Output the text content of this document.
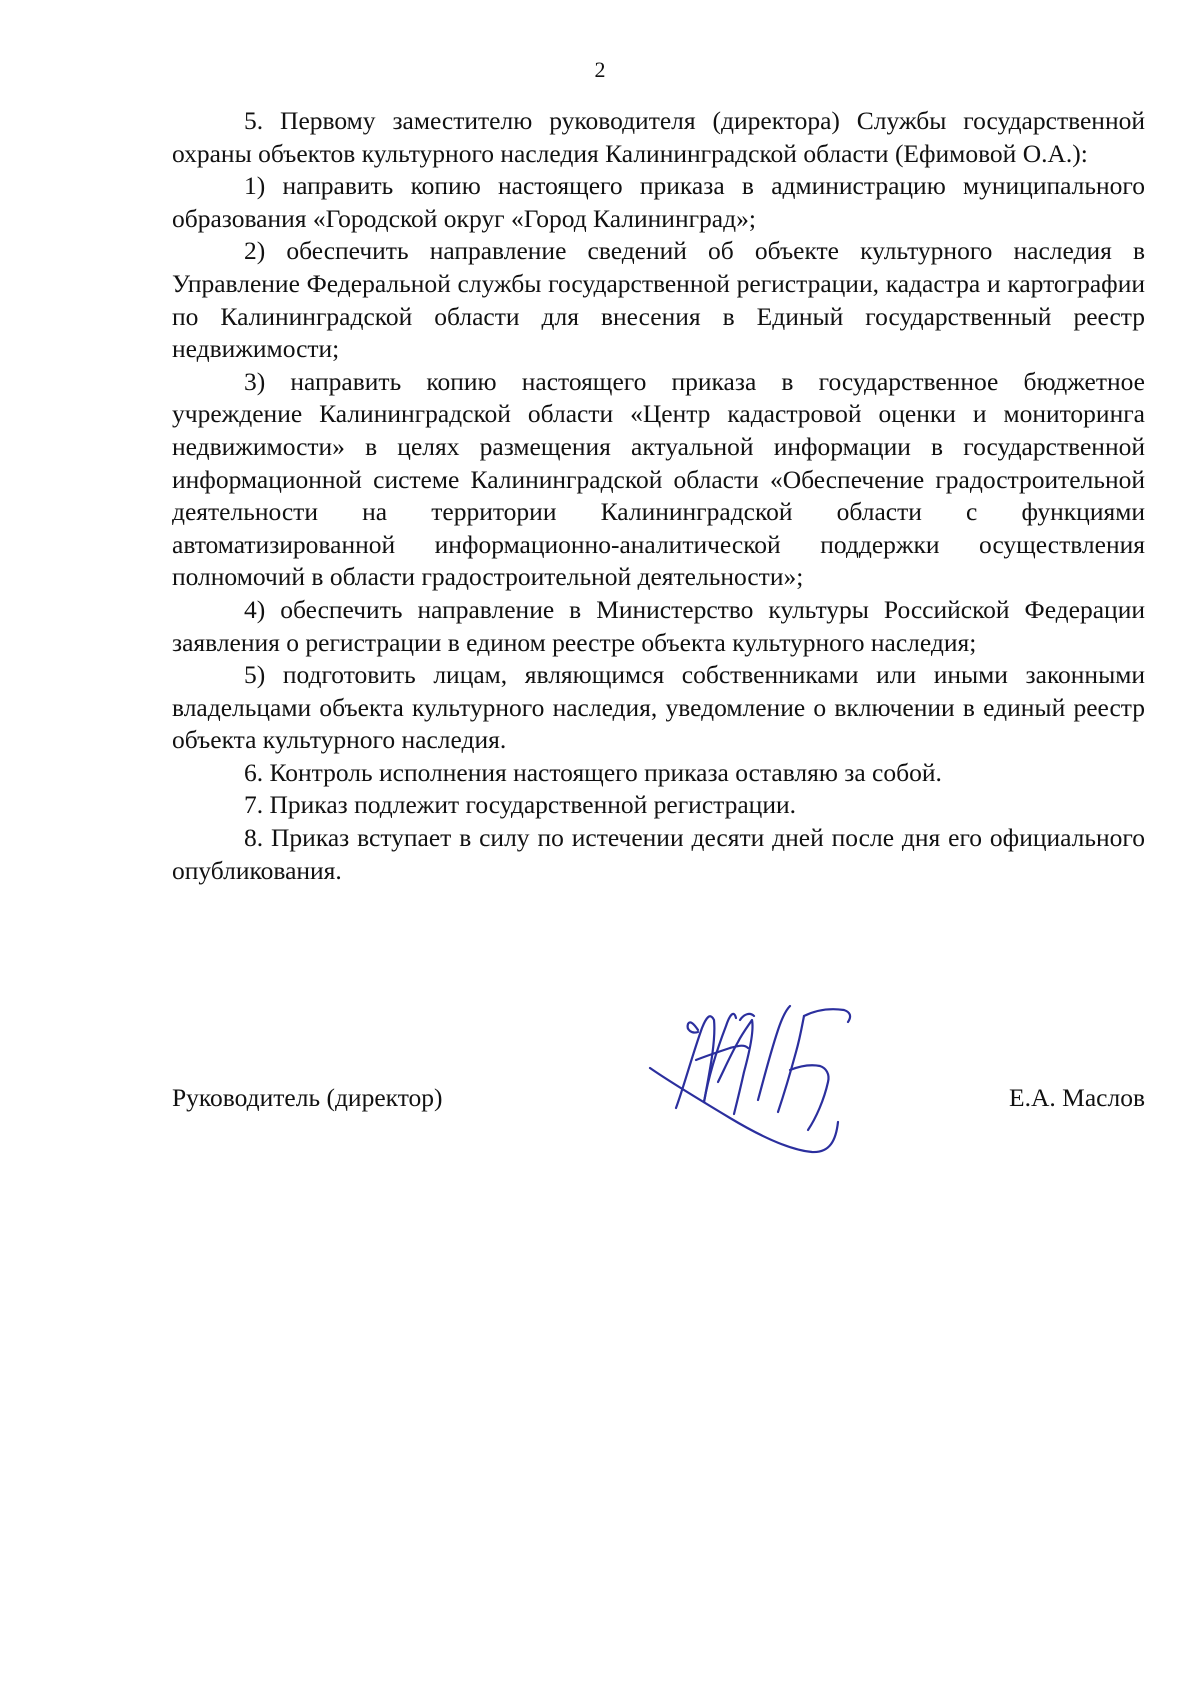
2

5. Первому заместителю руководителя (директора) Службы государственной охраны объектов культурного наследия Калининградской области (Ефимовой О.А.):

1) направить копию настоящего приказа в администрацию муниципального образования «Городской округ «Город Калининград»;

2) обеспечить направление сведений об объекте культурного наследия в Управление Федеральной службы государственной регистрации, кадастра и картографии по Калининградской области для внесения в Единый государственный реестр недвижимости;

3) направить копию настоящего приказа в государственное бюджетное учреждение Калининградской области «Центр кадастровой оценки и мониторинга недвижимости» в целях размещения актуальной информации в государственной информационной системе Калининградской области «Обеспечение градостроительной деятельности на территории Калининградской области с функциями автоматизированной информационно-аналитической поддержки осуществления полномочий в области градостроительной деятельности»;

4) обеспечить направление в Министерство культуры Российской Федерации заявления о регистрации в едином реестре объекта культурного наследия;

5) подготовить лицам, являющимся собственниками или иными законными владельцами объекта культурного наследия, уведомление о включении в единый реестр объекта культурного наследия.

6. Контроль исполнения настоящего приказа оставляю за собой.

7. Приказ подлежит государственной регистрации.

8. Приказ вступает в силу по истечении десяти дней после дня его официального опубликования.

Руководитель (директор)	Е.А. Маслов
